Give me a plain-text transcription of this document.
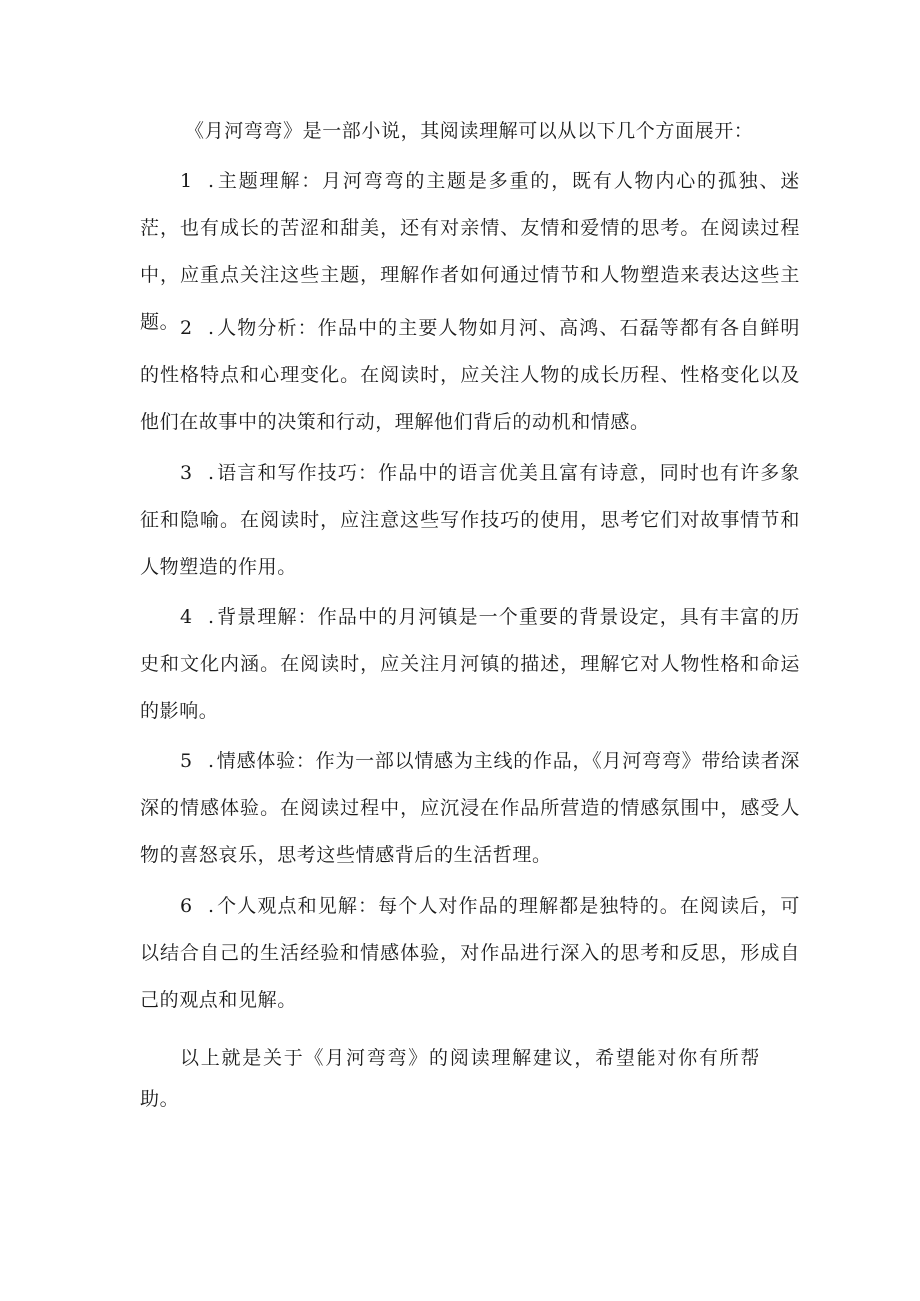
《月河弯弯》是一部小说，其阅读理解可以从以下几个方面展开：

1 . 主题理解：月河弯弯的主题是多重的，既有人物内心的孤独、迷茫，也有成长的苦涩和甜美，还有对亲情、友情和爱情的思考。在阅读过程中，应重点关注这些主题，理解作者如何通过情节和人物塑造来表达这些主题。 2 . 人物分析：作品中的主要人物如月河、高鸿、石磊等都有各自鲜明的性格特点和心理变化。在阅读时，应关注人物的成长历程、性格变化以及他们在故事中的决策和行动，理解他们背后的动机和情感。

3 . 语言和写作技巧：作品中的语言优美且富有诗意，同时也有许多象征和隐喻。在阅读时，应注意这些写作技巧的使用，思考它们对故事情节和人物塑造的作用。

4 . 背景理解：作品中的月河镇是一个重要的背景设定，具有丰富的历史和文化内涵。在阅读时，应关注月河镇的描述，理解它对人物性格和命运的影响。

5 . 情感体验：作为一部以情感为主线的作品，《月河弯弯》带给读者深深的情感体验。在阅读过程中，应沉浸在作品所营造的情感氛围中，感受人物的喜怒哀乐，思考这些情感背后的生活哲理。

6 . 个人观点和见解：每个人对作品的理解都是独特的。在阅读后，可以结合自己的生活经验和情感体验，对作品进行深入的思考和反思，形成自己的观点和见解。

以上就是关于《月河弯弯》的阅读理解建议，希望能对你有所帮助。
